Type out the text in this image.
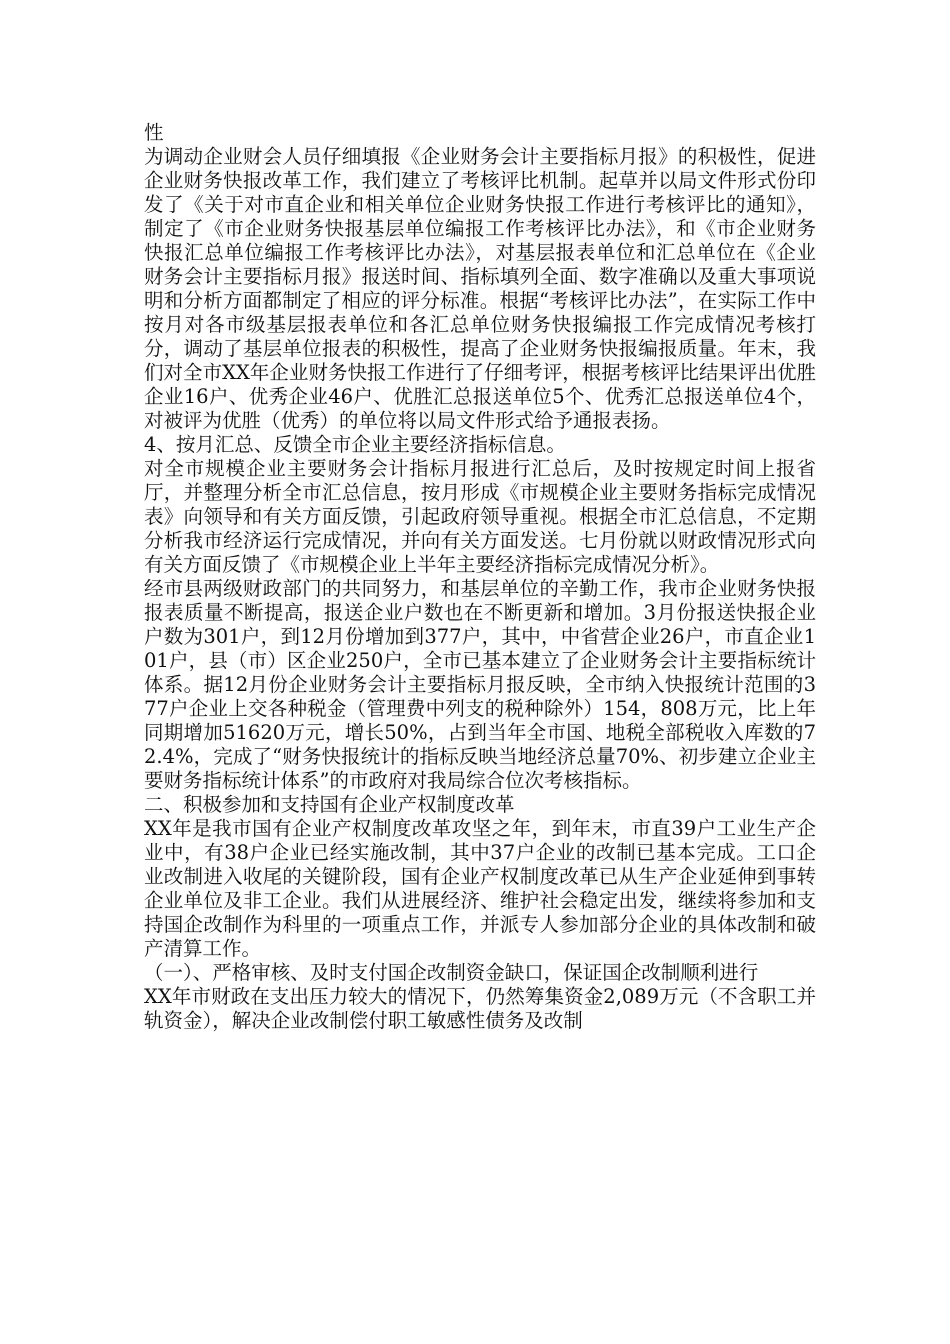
性

为调动企业财会人员仔细填报《企业财务会计主要指标月报》的积极性，促进企业财务快报改革工作，我们建立了考核评比机制。起草并以局文件形式份印发了《关于对市直企业和相关单位企业财务快报工作进行考核评比的通知》，制定了《市企业财务快报基层单位编报工作考核评比办法》，和《市企业财务快报汇总单位编报工作考核评比办法》，对基层报表单位和汇总单位在《企业财务会计主要指标月报》报送时间、指标填列全面、数字准确以及重大事项说明和分析方面都制定了相应的评分标准。根据“考核评比办法”，在实际工作中按月对各市级基层报表单位和各汇总单位财务快报编报工作完成情况考核打分，调动了基层单位报表的积极性，提高了企业财务快报编报质量。年末，我们对全市XX年企业财务快报工作进行了仔细考评，根据考核评比结果评出优胜企业16户、优秀企业46户、优胜汇总报送单位5个、优秀汇总报送单位4个，对被评为优胜（优秀）的单位将以局文件形式给予通报表扬。

4、按月汇总、反馈全市企业主要经济指标信息。

对全市规模企业主要财务会计指标月报进行汇总后，及时按规定时间上报省厅，并整理分析全市汇总信息，按月形成《市规模企业主要财务指标完成情况表》向领导和有关方面反馈，引起政府领导重视。根据全市汇总信息，不定期分析我市经济运行完成情况，并向有关方面发送。七月份就以财政情况形式向有关方面反馈了《市规模企业上半年主要经济指标完成情况分析》。

经市县两级财政部门的共同努力，和基层单位的辛勤工作，我市企业财务快报报表质量不断提高，报送企业户数也在不断更新和增加。3月份报送快报企业户数为301户，到12月份增加到377户，其中，中省营企业26户，市直企业101户，县（市）区企业250户，全市已基本建立了企业财务会计主要指标统计体系。据12月份企业财务会计主要指标月报反映，全市纳入快报统计范围的377户企业上交各种税金（管理费中列支的税种除外）154，808万元，比上年同期增加51620万元，增长50%，占到当年全市国、地税全部税收入库数的72.4%，完成了“财务快报统计的指标反映当地经济总量70%、初步建立企业主要财务指标统计体系”的市政府对我局综合位次考核指标。

二、积极参加和支持国有企业产权制度改革

XX年是我市国有企业产权制度改革攻坚之年，到年末，市直39户工业生产企业中，有38户企业已经实施改制，其中37户企业的改制已基本完成。工口企业改制进入收尾的关键阶段，国有企业产权制度改革已从生产企业延伸到事转企业单位及非工企业。我们从进展经济、维护社会稳定出发，继续将参加和支持国企改制作为科里的一项重点工作，并派专人参加部分企业的具体改制和破产清算工作。

（一）、严格审核、及时支付国企改制资金缺口，保证国企改制顺利进行

XX年市财政在支出压力较大的情况下，仍然筹集资金2,089万元（不含职工并轨资金），解决企业改制偿付职工敏感性债务及改制
